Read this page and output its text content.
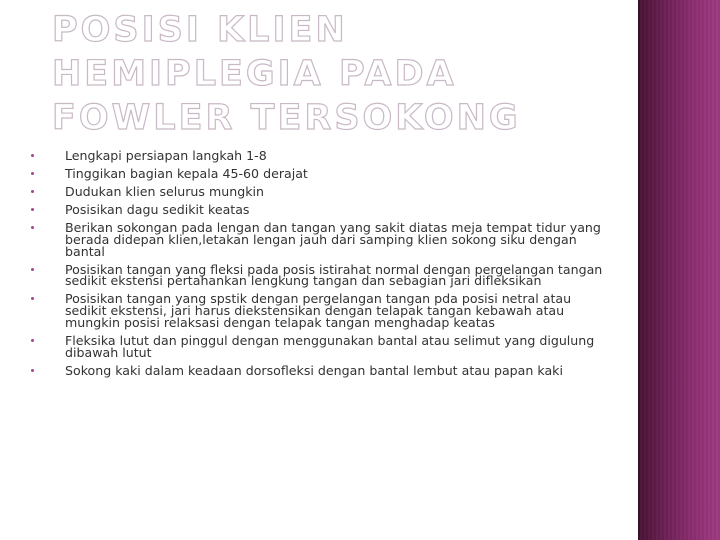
POSISI KLIEN HEMIPLEGIA PADA FOWLER TERSOKONG
Lengkapi persiapan langkah 1-8
Tinggikan bagian kepala 45-60 derajat
Dudukan klien selurus mungkin
Posisikan dagu sedikit keatas
Berikan sokongan pada lengan dan tangan yang sakit diatas meja tempat tidur yang berada didepan klien,letakan lengan jauh dari samping klien sokong siku dengan bantal
Posisikan tangan yang fleksi pada posis istirahat normal dengan pergelangan tangan sedikit ekstensi pertahankan lengkung tangan dan sebagian jari difleksikan
Posisikan tangan yang spstik dengan pergelangan tangan pda posisi netral atau sedikit ekstensi, jari harus diekstensikan dengan telapak tangan kebawah atau mungkin posisi relaksasi dengan telapak tangan menghadap keatas
Fleksika lutut dan pinggul dengan menggunakan bantal atau selimut yang digulung dibawah lutut
Sokong kaki dalam keadaan dorsofleksi dengan bantal lembut atau papan kaki
